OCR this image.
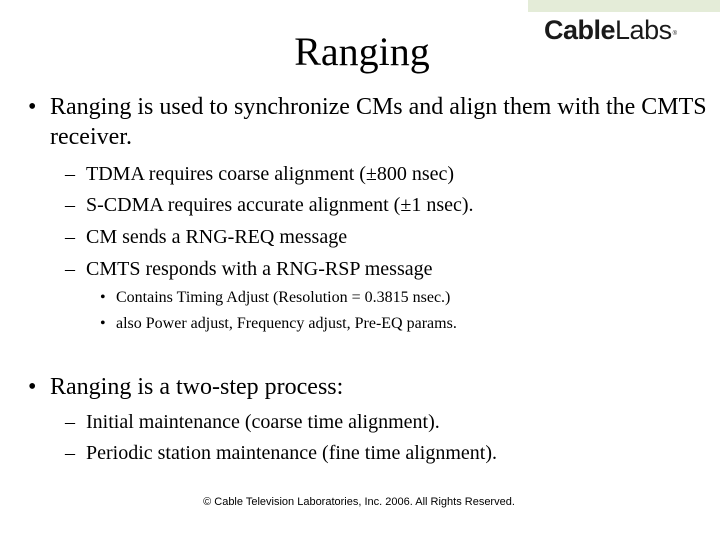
CableLabs®
Ranging
• Ranging is used to synchronize CMs and align them with the CMTS receiver.
– TDMA requires coarse alignment (±800 nsec)
– S-CDMA requires accurate alignment (±1 nsec).
– CM sends a RNG-REQ message
– CMTS responds with a RNG-RSP message
• Contains Timing Adjust (Resolution = 0.3815 nsec.)
• also Power adjust, Frequency adjust, Pre-EQ params.
• Ranging is a two-step process:
– Initial maintenance (coarse time alignment).
– Periodic station maintenance (fine time alignment).
© Cable Television Laboratories, Inc. 2006. All Rights Reserved.
